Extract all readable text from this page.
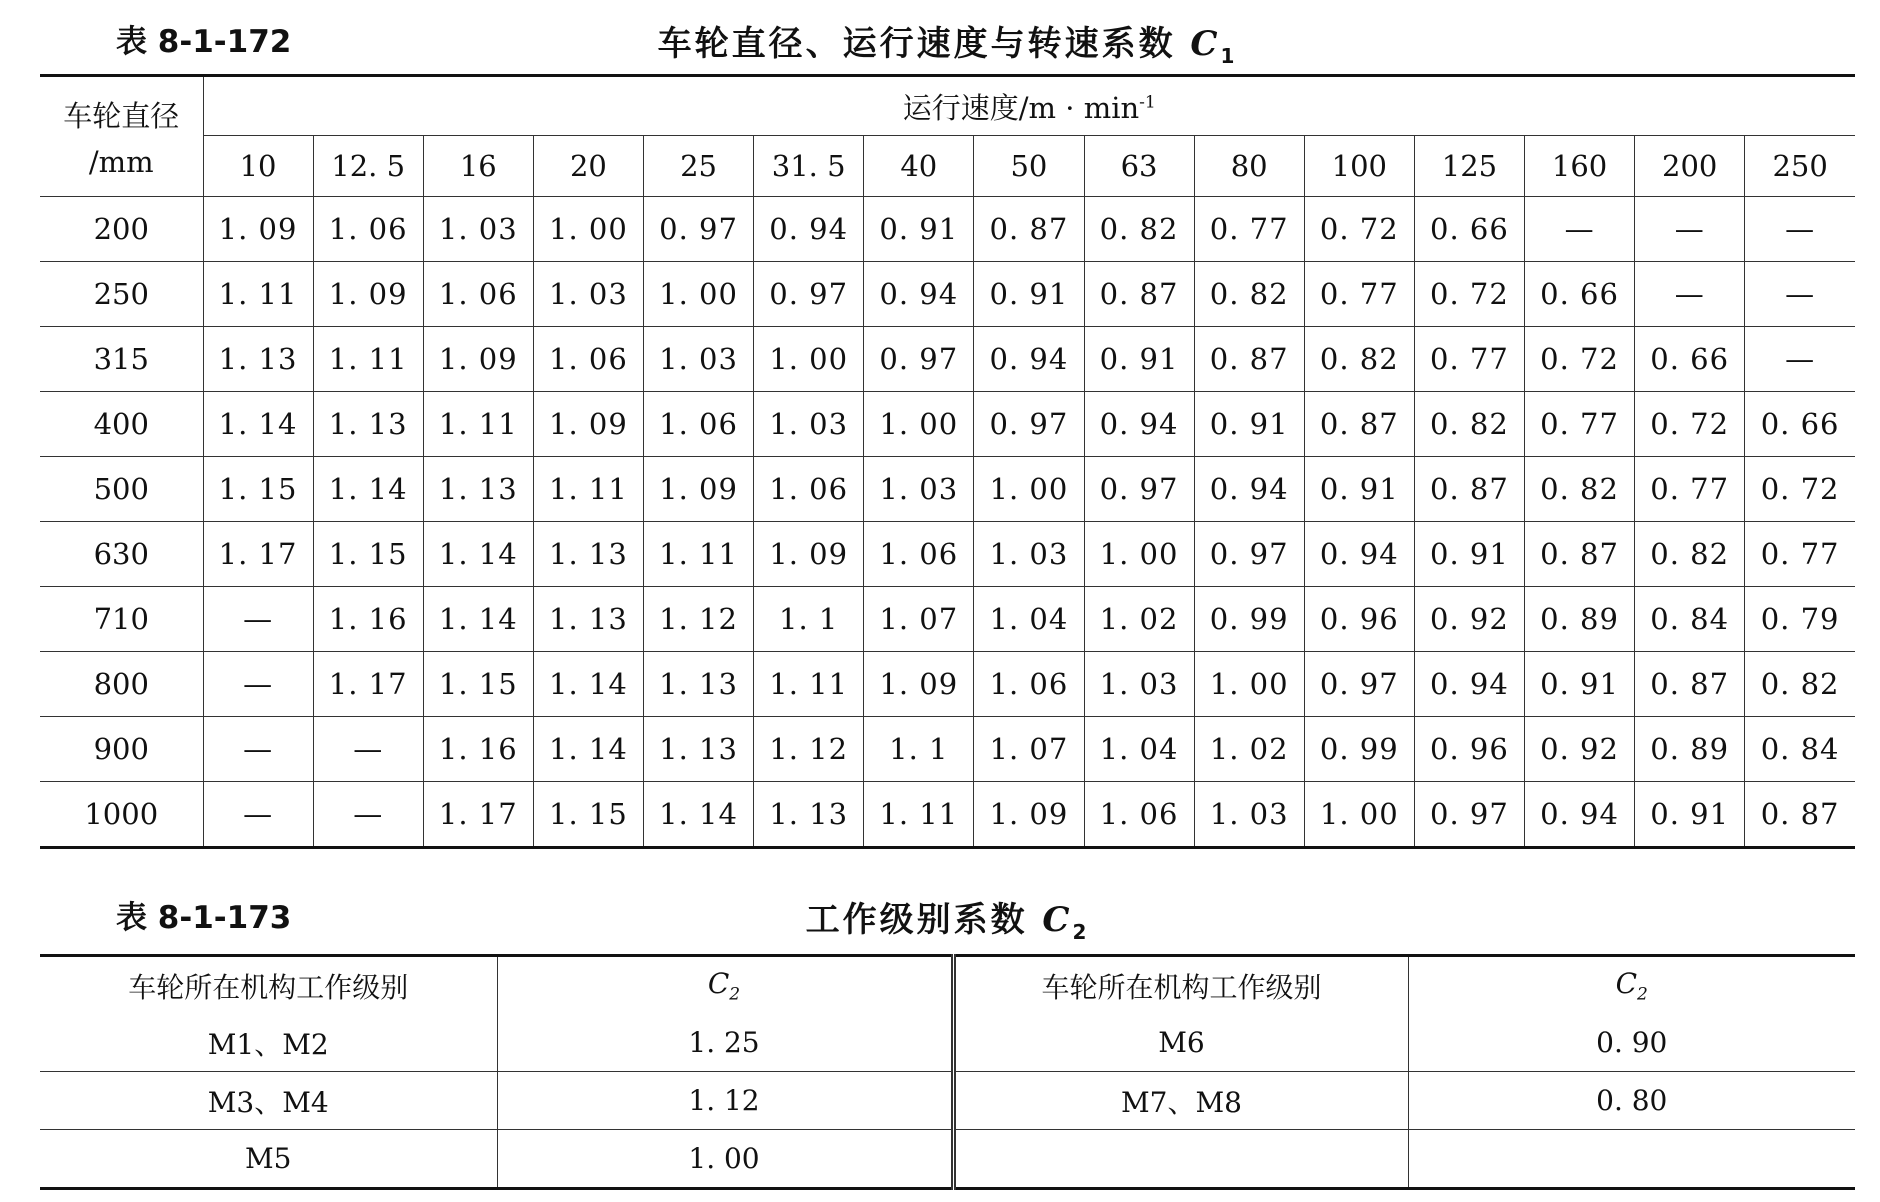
表 8-1-172	车轮直径、运行速度与转速系数 $C_1$
车轮直径
/mm	运行速度$/m \cdot \min^{-1}$
	10	12. 5	16	20	25	31. 5	40	50	63	80	100	125	160	200	250
200	1. 09	1. 06	1. 03	1. 00	0. 97	0. 94	0. 91	0. 87	0. 82	0. 77	0. 72	0. 66	—	—	—
250	1. 11	1. 09	1. 06	1. 03	1. 00	0. 97	0. 94	0. 91	0. 87	0. 82	0. 77	0. 72	0. 66	—	—
315	1. 13	1. 11	1. 09	1. 06	1. 03	1. 00	0. 97	0. 94	0. 91	0. 87	0. 82	0. 77	0. 72	0. 66	—
400	1. 14	1. 13	1. 11	1. 09	1. 06	1. 03	1. 00	0. 97	0. 94	0. 91	0. 87	0. 82	0. 77	0. 72	0. 66
500	1. 15	1. 14	1. 13	1. 11	1. 09	1. 06	1. 03	1. 00	0. 97	0. 94	0. 91	0. 87	0. 82	0. 77	0. 72
630	1. 17	1. 15	1. 14	1. 13	1. 11	1. 09	1. 06	1. 03	1. 00	0. 97	0. 94	0. 91	0. 87	0. 82	0. 77
710	—	1. 16	1. 14	1. 13	1. 12	1. 1	1. 07	1. 04	1. 02	0. 99	0. 96	0. 92	0. 89	0. 84	0. 79
800	—	1. 17	1. 15	1. 14	1. 13	1. 11	1. 09	1. 06	1. 03	1. 00	0. 97	0. 94	0. 91	0. 87	0. 82
900	—	—	1. 16	1. 14	1. 13	1. 12	1. 1	1. 07	1. 04	1. 02	0. 99	0. 96	0. 92	0. 89	0. 84
1000	—	—	1. 17	1. 15	1. 14	1. 13	1. 11	1. 09	1. 06	1. 03	1. 00	0. 97	0. 94	0. 91	0. 87
表 8-1-173	工作级别系数 $C_2$
车轮所在机构工作级别	$C_2$	车轮所在机构工作级别	$C_2$
M1、M2	1. 25	M6	0. 90
M3、M4	1. 12	M7、M8	0. 80
M5	1. 00		
